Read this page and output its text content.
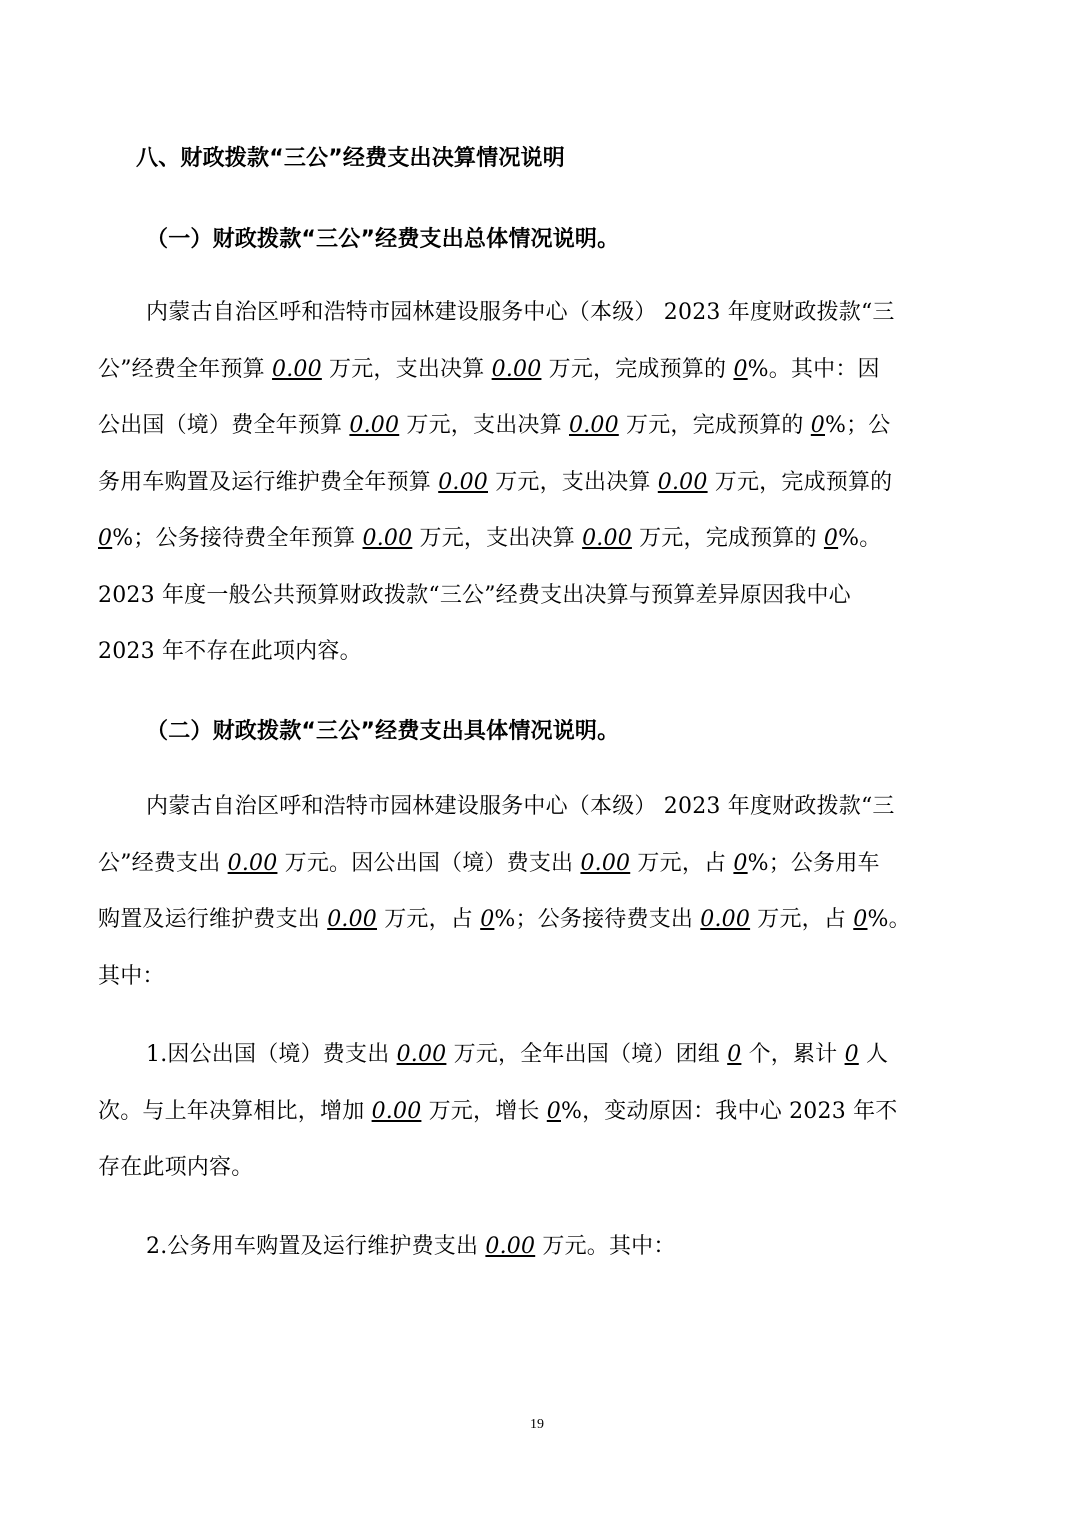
八、财政拨款“三公”经费支出决算情况说明
（一）财政拨款“三公”经费支出总体情况说明。
内蒙古自治区呼和浩特市园林建设服务中心（本级） 2023 年度财政拨款“三
公”经费全年预算 0.00 万元，支出决算 0.00 万元，完成预算的 0%。其中：因
公出国（境）费全年预算 0.00 万元，支出决算 0.00 万元，完成预算的 0%；公
务用车购置及运行维护费全年预算 0.00 万元，支出决算 0.00 万元，完成预算的
0%；公务接待费全年预算 0.00 万元，支出决算 0.00 万元，完成预算的 0%。
2023 年度一般公共预算财政拨款“三公”经费支出决算与预算差异原因我中心
2023 年不存在此项内容。
（二）财政拨款“三公”经费支出具体情况说明。
内蒙古自治区呼和浩特市园林建设服务中心（本级） 2023 年度财政拨款“三
公”经费支出 0.00 万元。因公出国（境）费支出 0.00 万元，占 0%；公务用车
购置及运行维护费支出 0.00 万元，占 0%；公务接待费支出 0.00 万元，占 0%。
其中：
1.因公出国（境）费支出 0.00 万元，全年出国（境）团组 0 个，累计 0 人
次。与上年决算相比，增加 0.00 万元，增长 0%，变动原因：我中心 2023 年不
存在此项内容。
2.公务用车购置及运行维护费支出 0.00 万元。其中：
19
